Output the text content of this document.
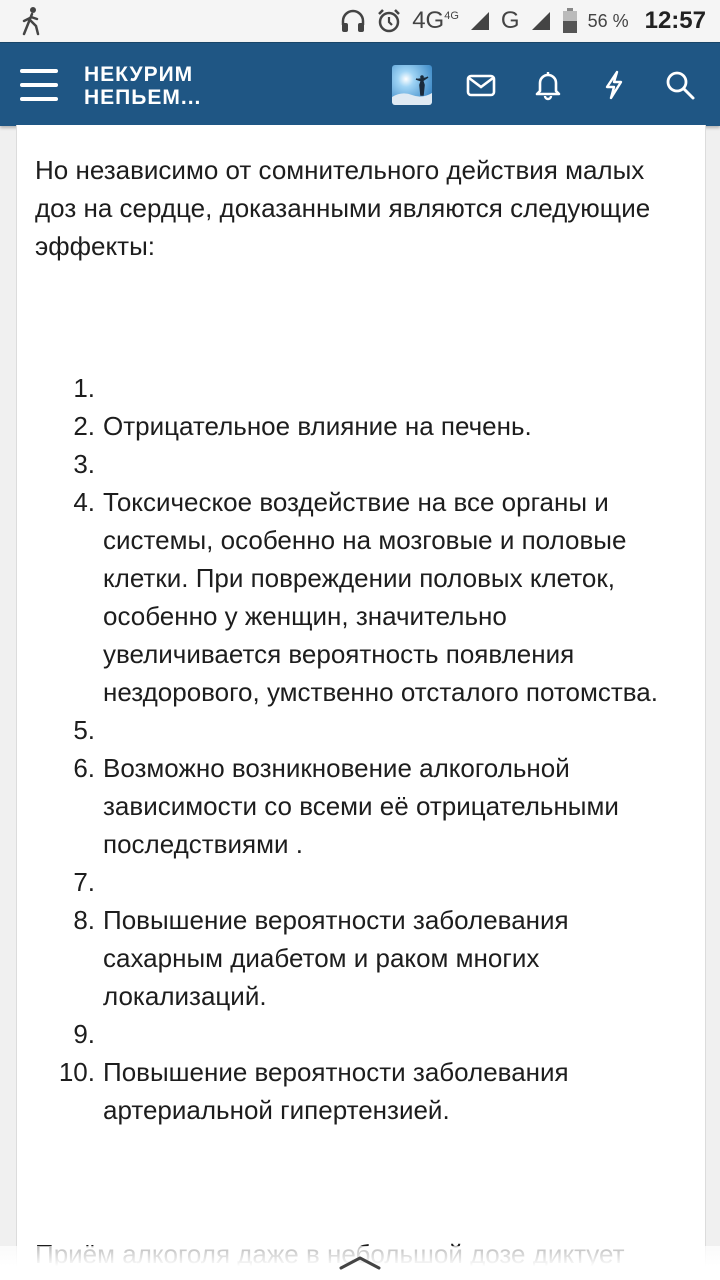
$4G^{4G}$ G	56 % 12:57
НЕКУРИМ
НЕПЬЕМ...

Но независимо от сомнительного действия малых доз на сердце, доказанными являются следующие эффекты:

1.
2. Отрицательное влияние на печень.
3.
4. Токсическое воздействие на все органы и системы, особенно на мозговые и половые клетки. При повреждении половых клеток, особенно у женщин, значительно увеличивается вероятность появления нездорового, умственно отсталого потомства.
5.
6. Возможно возникновение алкогольной зависимости со всеми её отрицательными последствиями .
7.
8. Повышение вероятности заболевания сахарным диабетом и раком многих локализаций.
9.
10. Повышение вероятности заболевания артериальной гипертензией.
